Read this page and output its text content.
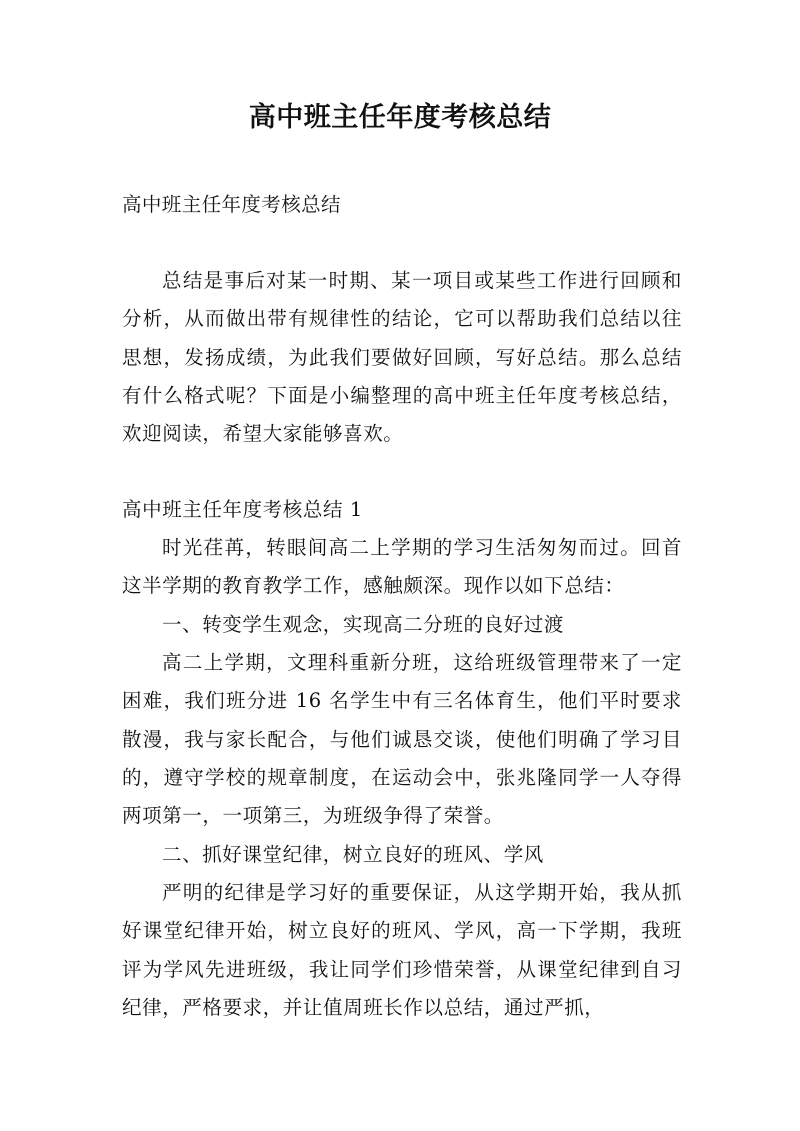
高中班主任年度考核总结

高中班主任年度考核总结

总结是事后对某一时期、某一项目或某些工作进行回顾和分析，从而做出带有规律性的结论，它可以帮助我们总结以往思想，发扬成绩，为此我们要做好回顾，写好总结。那么总结有什么格式呢？下面是小编整理的高中班主任年度考核总结，欢迎阅读，希望大家能够喜欢。

高中班主任年度考核总结 1

时光荏苒，转眼间高二上学期的学习生活匆匆而过。回首这半学期的教育教学工作，感触颇深。现作以如下总结：

一、转变学生观念，实现高二分班的良好过渡

高二上学期，文理科重新分班，这给班级管理带来了一定困难，我们班分进 16 名学生中有三名体育生，他们平时要求散漫，我与家长配合，与他们诚恳交谈，使他们明确了学习目的，遵守学校的规章制度，在运动会中，张兆隆同学一人夺得两项第一，一项第三，为班级争得了荣誉。

二、抓好课堂纪律，树立良好的班风、学风

严明的纪律是学习好的重要保证，从这学期开始，我从抓好课堂纪律开始，树立良好的班风、学风，高一下学期，我班评为学风先进班级，我让同学们珍惜荣誉，从课堂纪律到自习纪律，严格要求，并让值周班长作以总结，通过严抓，
